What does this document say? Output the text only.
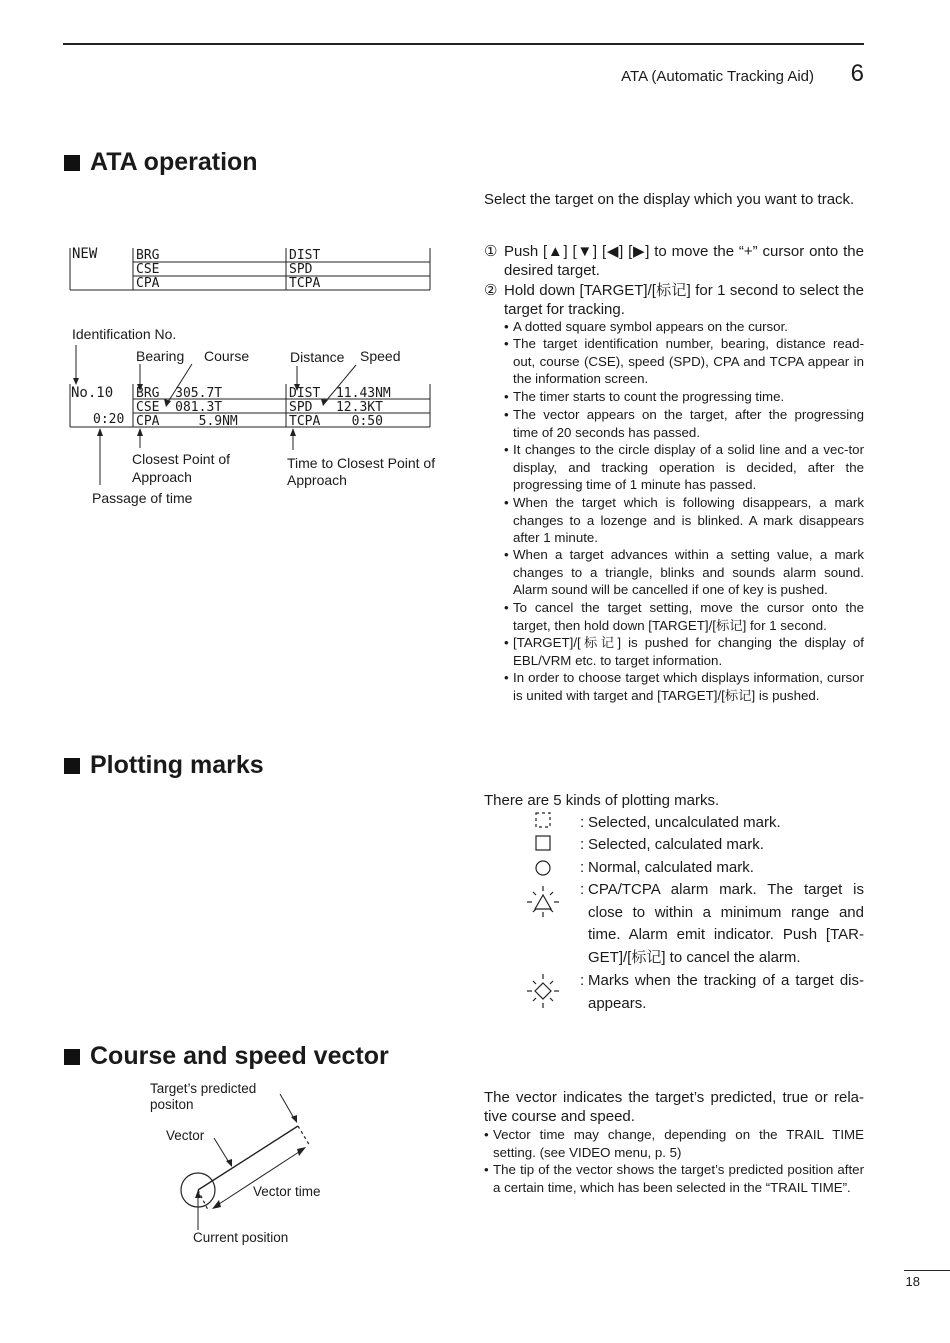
ATA (Automatic Tracking Aid) 6
ATA operation
Plotting marks
Course and speed vector
Select the target on the display which you want to track.
① Push [▲] [▼] [◀] [▶] to move the “+” cursor onto the desired target.
② Hold down [TARGET]/[标记] for 1 second to select the target for tracking.
• A dotted square symbol appears on the cursor.
• The target identification number, bearing, distance read-out, course (CSE), speed (SPD), CPA and TCPA appear in the information screen.
• The timer starts to count the progressing time.
• The vector appears on the target, after the progressing time of 20 seconds has passed.
• It changes to the circle display of a solid line and a vec-tor display, and tracking operation is decided, after the progressing time of 1 minute has passed.
• When the target which is following disappears, a mark changes to a lozenge and is blinked. A mark disappears after 1 minute.
• When a target advances within a setting value, a mark changes to a triangle, blinks and sounds alarm sound. Alarm sound will be cancelled if one of key is pushed.
• To cancel the target setting, move the cursor onto the target, then hold down [TARGET]/[标记] for 1 second.
• [TARGET]/[标记] is pushed for changing the display of EBL/VRM etc. to target information.
• In order to choose target which displays information, cursor is united with target and [TARGET]/[标记] is pushed.
NEW	BRG
CSE
CPA
DIST
SPD
TCPA
Identification No.
Bearing Course	Distance Speed
No.10
0:20
BRG  305.7T
CSE  081.3T
CPA     5.9NM
DIST  11.43NM
SPD   12.3KT
TCPA    0:50
Closest Point of
Approach
Time to Closest Point of
Approach
Passage of time
There are 5 kinds of plotting marks.
: Selected, uncalculated mark.
: Selected, calculated mark.
: Normal, calculated mark.
: CPA/TCPA alarm mark. The target is close to within a minimum range and time. Alarm emit indicator. Push [TAR-GET]/[标记] to cancel the alarm.
: Marks when the tracking of a target dis-appears.
The vector indicates the target’s predicted, true or rela-tive course and speed.
• Vector time may change, depending on the TRAIL TIME setting. (see VIDEO menu, p. 5)
• The tip of the vector shows the target’s predicted position after a certain time, which has been selected in the “TRAIL TIME”.
Target’s predicted
positon
Vector
Vector time
Current position
18
